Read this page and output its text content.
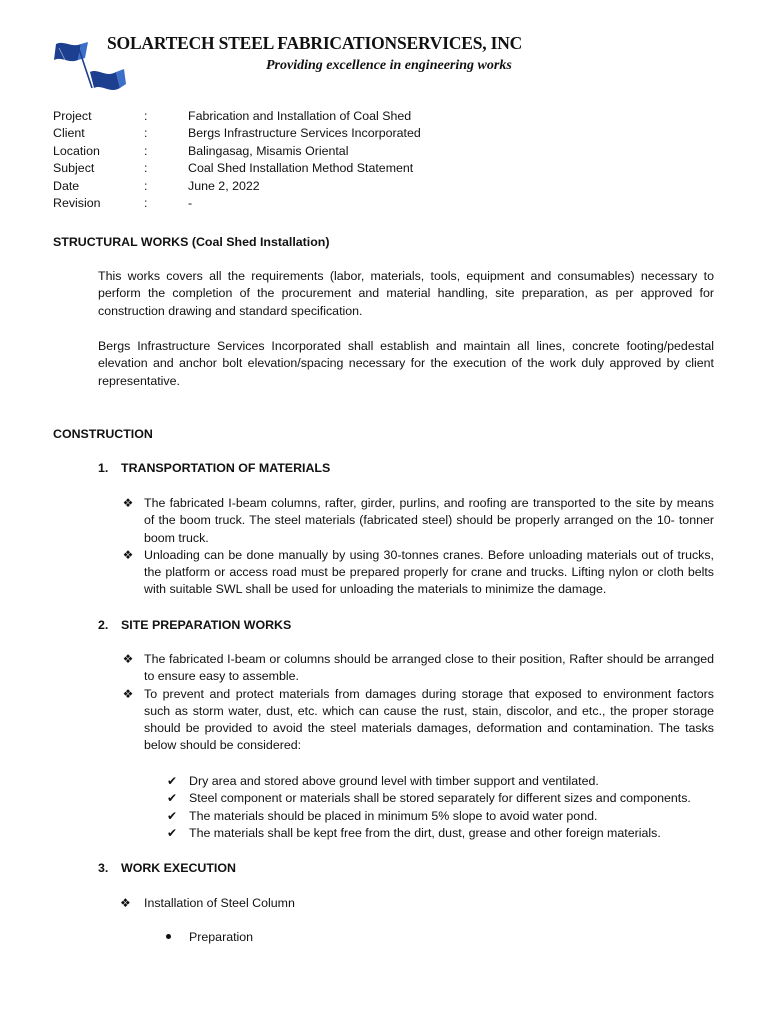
SOLARTECH STEEL FABRICATIONSERVICES, INC
Providing excellence in engineering works
Project	:	Fabrication and Installation of Coal Shed
Client	:	Bergs Infrastructure Services Incorporated
Location	:	Balingasag, Misamis Oriental
Subject	:	Coal Shed Installation Method Statement
Date	:	June 2, 2022
Revision	:	-
STRUCTURAL WORKS (Coal Shed Installation)

This works covers all the requirements (labor, materials, tools, equipment and consumables) necessary to perform the completion of the procurement and material handling, site preparation, as per approved for construction drawing and standard specification.

Bergs Infrastructure Services Incorporated shall establish and maintain all lines, concrete footing/pedestal elevation and anchor bolt elevation/spacing necessary for the execution of the work duly approved by client representative.

CONSTRUCTION
1. TRANSPORTATION OF MATERIALS
❖ The fabricated I-beam columns, rafter, girder, purlins, and roofing are transported to the site by means of the boom truck. The steel materials (fabricated steel) should be properly arranged on the 10- tonner boom truck.
❖ Unloading can be done manually by using 30-tonnes cranes. Before unloading materials out of trucks, the platform or access road must be prepared properly for crane and trucks. Lifting nylon or cloth belts with suitable SWL shall be used for unloading the materials to minimize the damage.
2. SITE PREPARATION WORKS
❖ The fabricated I-beam or columns should be arranged close to their position, Rafter should be arranged to ensure easy to assemble.
❖ To prevent and protect materials from damages during storage that exposed to environment factors such as storm water, dust, etc. which can cause the rust, stain, discolor, and etc., the proper storage should be provided to avoid the steel materials damages, deformation and contamination. The tasks below should be considered:
✔ Dry area and stored above ground level with timber support and ventilated.
✔ Steel component or materials shall be stored separately for different sizes and components.
✔ The materials should be placed in minimum 5% slope to avoid water pond.
✔ The materials shall be kept free from the dirt, dust, grease and other foreign materials.
3. WORK EXECUTION
❖ Installation of Steel Column
Preparation
